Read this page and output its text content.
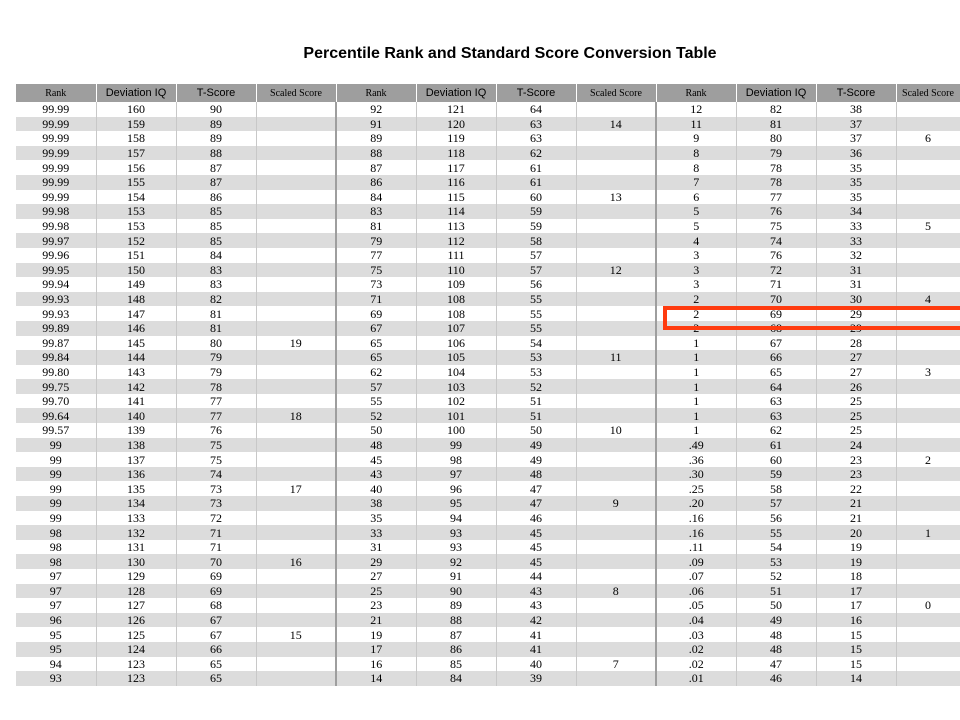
Percentile Rank and Standard Score Conversion Table
Rank	Deviation IQ	T-Score	Scaled Score	Rank	Deviation IQ	T-Score	Scaled Score	Rank	Deviation IQ	T-Score	Scaled Score
99.99	160	90		92	121	64		12	82	38	
99.99	159	89		91	120	63	14	11	81	37	
99.99	158	89		89	119	63		9	80	37	6
99.99	157	88		88	118	62		8	79	36	
99.99	156	87		87	117	61		8	78	35	
99.99	155	87		86	116	61		7	78	35	
99.99	154	86		84	115	60	13	6	77	35	
99.98	153	85		83	114	59		5	76	34	
99.98	153	85		81	113	59		5	75	33	5
99.97	152	85		79	112	58		4	74	33	
99.96	151	84		77	111	57		3	76	32	
99.95	150	83		75	110	57	12	3	72	31	
99.94	149	83		73	109	56		3	71	31	
99.93	148	82		71	108	55		2	70	30	4
99.93	147	81		69	108	55		2	69	29	
99.89	146	81		67	107	55		2	68	29	
99.87	145	80	19	65	106	54		1	67	28	
99.84	144	79		65	105	53	11	1	66	27	
99.80	143	79		62	104	53		1	65	27	3
99.75	142	78		57	103	52		1	64	26	
99.70	141	77		55	102	51		1	63	25	
99.64	140	77	18	52	101	51		1	63	25	
99.57	139	76		50	100	50	10	1	62	25	
99	138	75		48	99	49		.49	61	24	
99	137	75		45	98	49		.36	60	23	2
99	136	74		43	97	48		.30	59	23	
99	135	73	17	40	96	47		.25	58	22	
99	134	73		38	95	47	9	.20	57	21	
99	133	72		35	94	46		.16	56	21	
98	132	71		33	93	45		.16	55	20	1
98	131	71		31	93	45		.11	54	19	
98	130	70	16	29	92	45		.09	53	19	
97	129	69		27	91	44		.07	52	18	
97	128	69		25	90	43	8	.06	51	17	
97	127	68		23	89	43		.05	50	17	0
96	126	67		21	88	42		.04	49	16	
95	125	67	15	19	87	41		.03	48	15	
95	124	66		17	86	41		.02	48	15	
94	123	65		16	85	40	7	.02	47	15	
93	123	65		14	84	39		.01	46	14	
